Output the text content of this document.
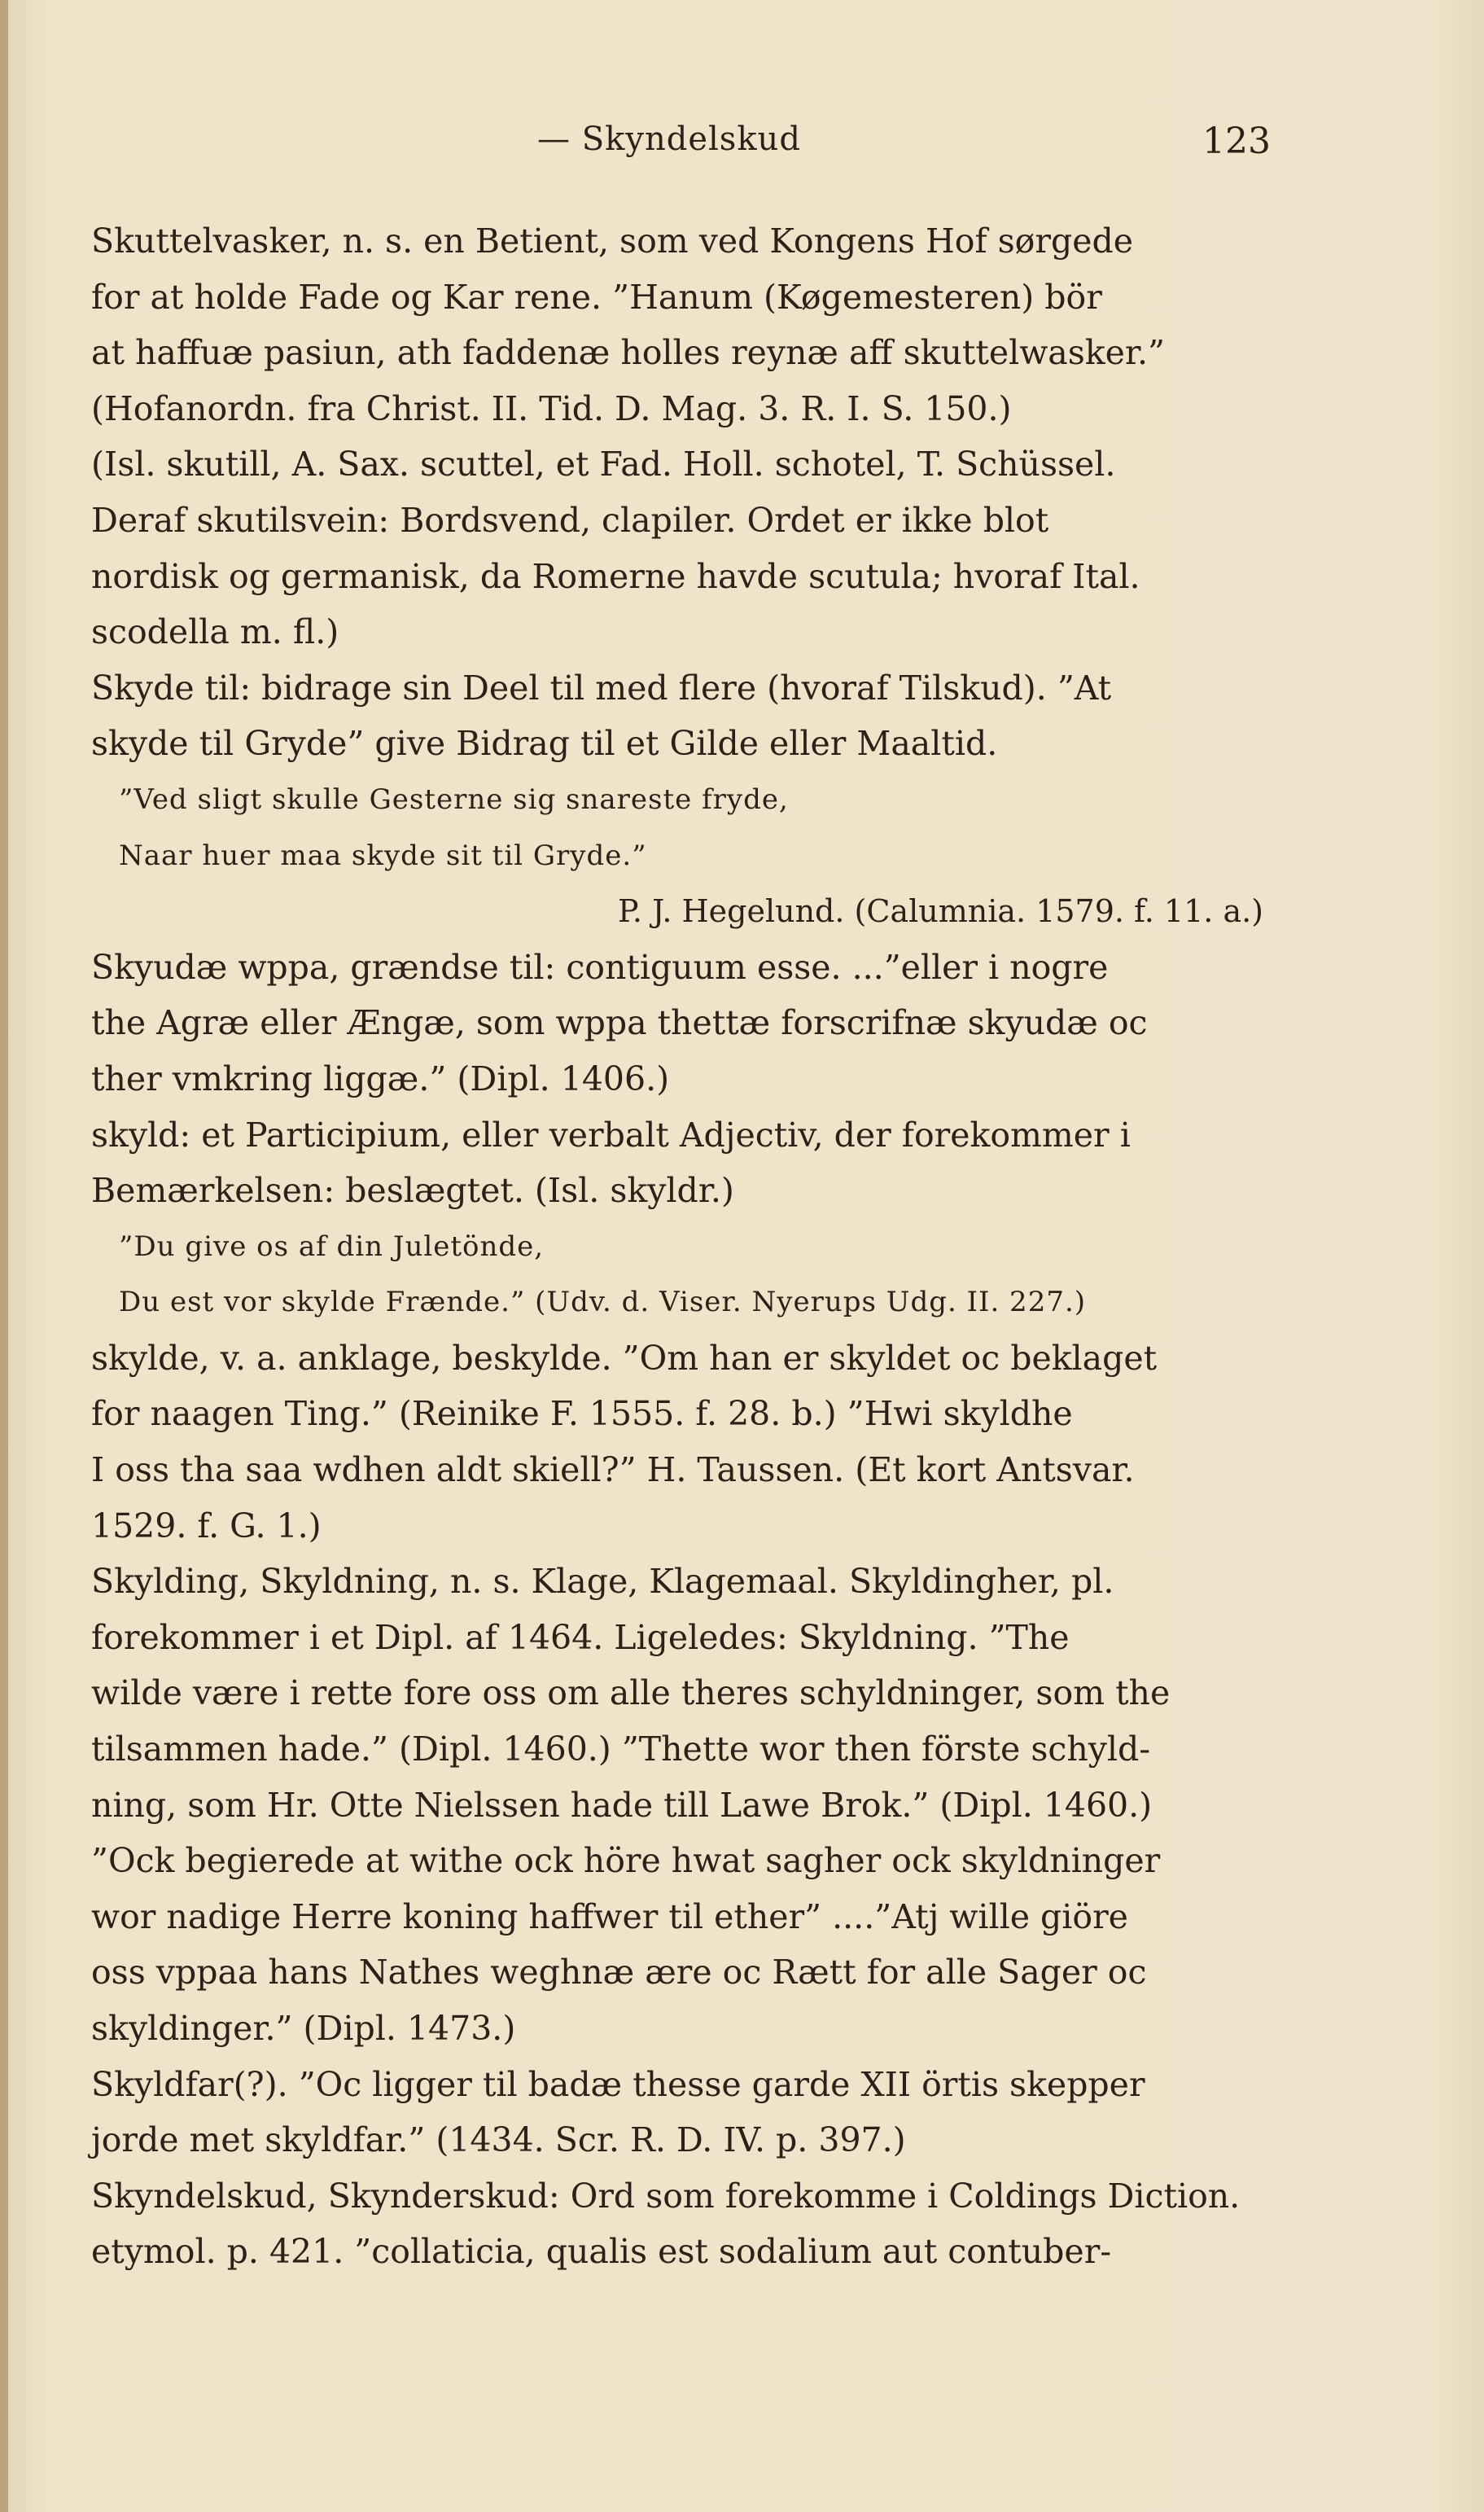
— Skyndelskud	123

Skuttelvasker, n. s. en Betient, som ved Kongens Hof sørgede

for at holde Fade og Kar rene. ”Hanum (Køgemesteren) bör

at haffuæ pasiun, ath faddenæ holles reynæ aff skuttelwasker.”

(Hofanordn. fra Christ. II. Tid. D. Mag. 3. R. I. S. 150.)

(Isl. skutill, A. Sax. scuttel, et Fad. Holl. schotel, T. Schüssel.

Deraf skutilsvein: Bordsvend, clapiler. Ordet er ikke blot

nordisk og germanisk, da Romerne havde scutula; hvoraf Ital.

scodella m. fl.)

Skyde til: bidrage sin Deel til med flere (hvoraf Tilskud). ”At

skyde til Gryde” give Bidrag til et Gilde eller Maaltid.

”Ved sligt skulle Gesterne sig snareste fryde,

Naar huer maa skyde sit til Gryde.”

P. J. Hegelund. (Calumnia. 1579. f. 11. a.)

Skyudæ wppa, grændse til: contiguum esse. ...”eller i nogre

the Agræ eller Ængæ, som wppa thettæ forscrifnæ skyudæ oc

ther vmkring liggæ.” (Dipl. 1406.)

skyld: et Participium, eller verbalt Adjectiv, der forekommer i

Bemærkelsen: beslægtet. (Isl. skyldr.)

”Du give os af din Juletönde,

Du est vor skylde Frænde.” (Udv. d. Viser. Nyerups Udg. II. 227.)

skylde, v. a. anklage, beskylde. ”Om han er skyldet oc beklaget

for naagen Ting.” (Reinike F. 1555. f. 28. b.) ”Hwi skyldhe

I oss tha saa wdhen aldt skiell?” H. Taussen. (Et kort Antsvar.

1529. f. G. 1.)

Skylding, Skyldning, n. s. Klage, Klagemaal. Skyldingher, pl.

forekommer i et Dipl. af 1464. Ligeledes: Skyldning. ”The

wilde være i rette fore oss om alle theres schyldninger, som the

tilsammen hade.” (Dipl. 1460.) ”Thette wor then förste schyld-

ning, som Hr. Otte Nielssen hade till Lawe Brok.” (Dipl. 1460.)

”Ock begierede at withe ock höre hwat sagher ock skyldninger

wor nadige Herre koning haffwer til ether” ....”Atj wille giöre

oss vppaa hans Nathes weghnæ ære oc Rætt for alle Sager oc

skyldinger.” (Dipl. 1473.)

Skyldfar(?). ”Oc ligger til badæ thesse garde XII örtis skepper

jorde met skyldfar.” (1434. Scr. R. D. IV. p. 397.)

Skyndelskud, Skynderskud: Ord som forekomme i Coldings Diction.

etymol. p. 421. ”collaticia, qualis est sodalium aut contuber-
